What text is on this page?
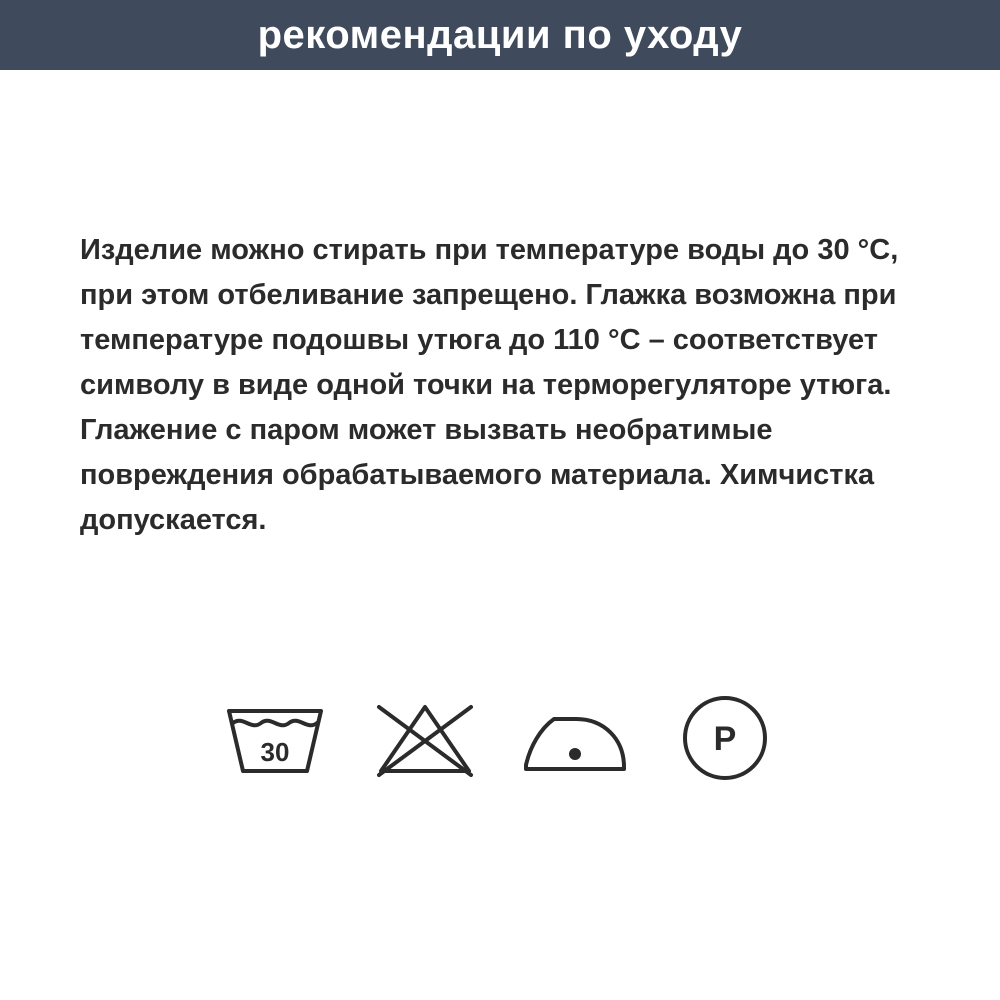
рекомендации по уходу
Изделие можно стирать при температуре воды до 30 °C, при этом отбеливание запрещено. Глажка возможна при температуре подошвы утюга до 110 °C – соответствует символу в виде одной точки на терморегуляторе утюга. Глажение с паром может вызвать необратимые повреждения обрабатываемого материала. Химчистка допускается.
30	P
